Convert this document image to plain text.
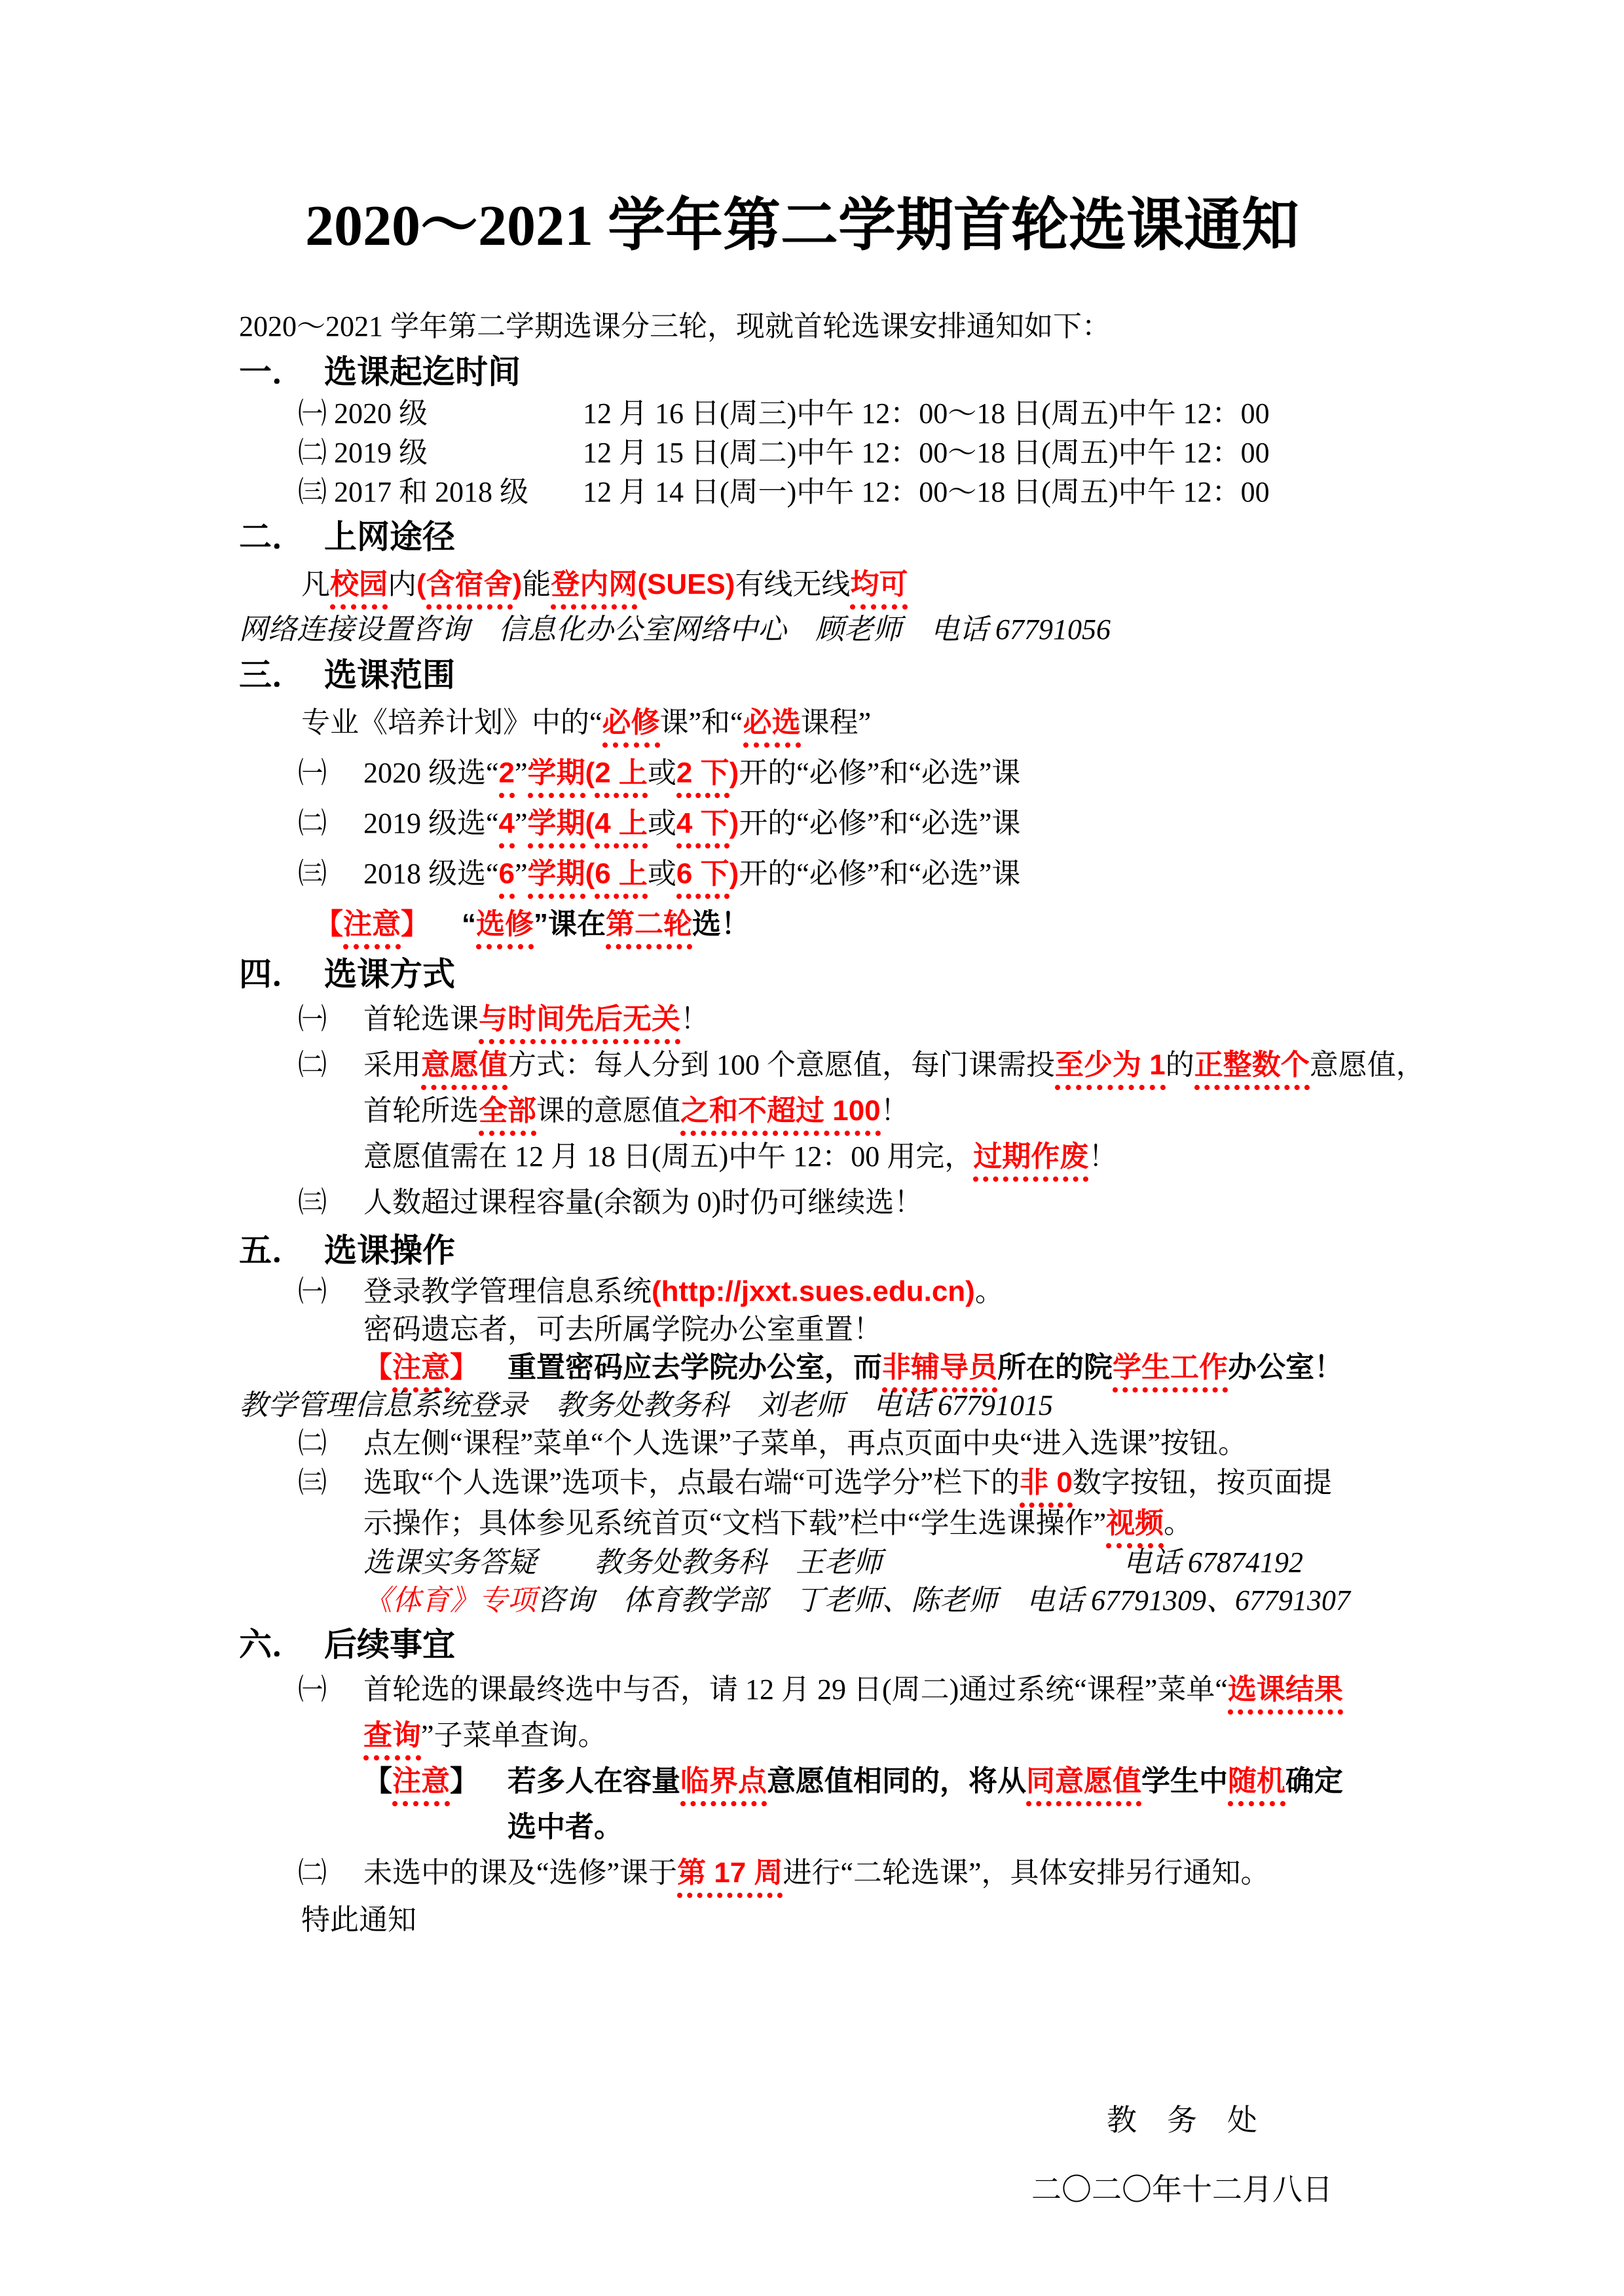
2020～2021 学年第二学期首轮选课通知

2020～2021 学年第二学期选课分三轮，现就首轮选课安排通知如下：

一． 选课起迄时间
㈠ 2020 级	12 月 16 日(周三)中午 12：00～18 日(周五)中午 12：00
㈡ 2019 级	12 月 15 日(周二)中午 12：00～18 日(周五)中午 12：00
㈢ 2017 和 2018 级	12 月 14 日(周一)中午 12：00～18 日(周五)中午 12：00
二． 上网途径
凡校园内(含宿舍)能登内网(SUES)有线无线均可

网络连接设置咨询　信息化办公室网络中心　顾老师　电话 67791056

三． 选课范围
专业《培养计划》中的“必修课”和“必选课程”
㈠	2020 级选“2”学期(2 上或2 下)开的“必修”和“必选”课
㈡	2019 级选“4”学期(4 上或4 下)开的“必修”和“必选”课
㈢	2018 级选“6”学期(6 上或6 下)开的“必修”和“必选”课
【注意】	“选修”课在第二轮选！
四． 选课方式
㈠	首轮选课与时间先后无关！
㈡	采用意愿值方式：每人分到 100 个意愿值，每门课需投至少为 1的正整数个意愿值，
首轮所选全部课的意愿值之和不超过 100！
意愿值需在 12 月 18 日(周五)中午 12：00 用完，过期作废！
㈢	人数超过课程容量(余额为 0)时仍可继续选！
五． 选课操作
㈠	登录教学管理信息系统(http://jxxt.sues.edu.cn)。
密码遗忘者，可去所属学院办公室重置！
【注意】	重置密码应去学院办公室，而非辅导员所在的院学生工作办公室！

教学管理信息系统登录　教务处教务科　刘老师　电话 67791015

㈡	点左侧“课程”菜单“个人选课”子菜单，再点页面中央“进入选课”按钮。
㈢	选取“个人选课”选项卡，点最右端“可选学分”栏下的非 0数字按钮，按页面提
示操作；具体参见系统首页“文档下载”栏中“学生选课操作”视频。
选课实务答疑　　教务处教务科　王老师	电话 67874192
《体育》专项咨询　体育教学部　丁老师、陈老师　电话 67791309、67791307
六． 后续事宜
㈠	首轮选的课最终选中与否，请 12 月 29 日(周二)通过系统“课程”菜单“选课结果
查询”子菜单查询。
【注意】	若多人在容量临界点意愿值相同的，将从同意愿值学生中随机确定选中者。
㈡	未选中的课及“选修”课于第 17 周进行“二轮选课”，具体安排另行通知。

特此通知

教　务　处
二〇二〇年十二月八日
